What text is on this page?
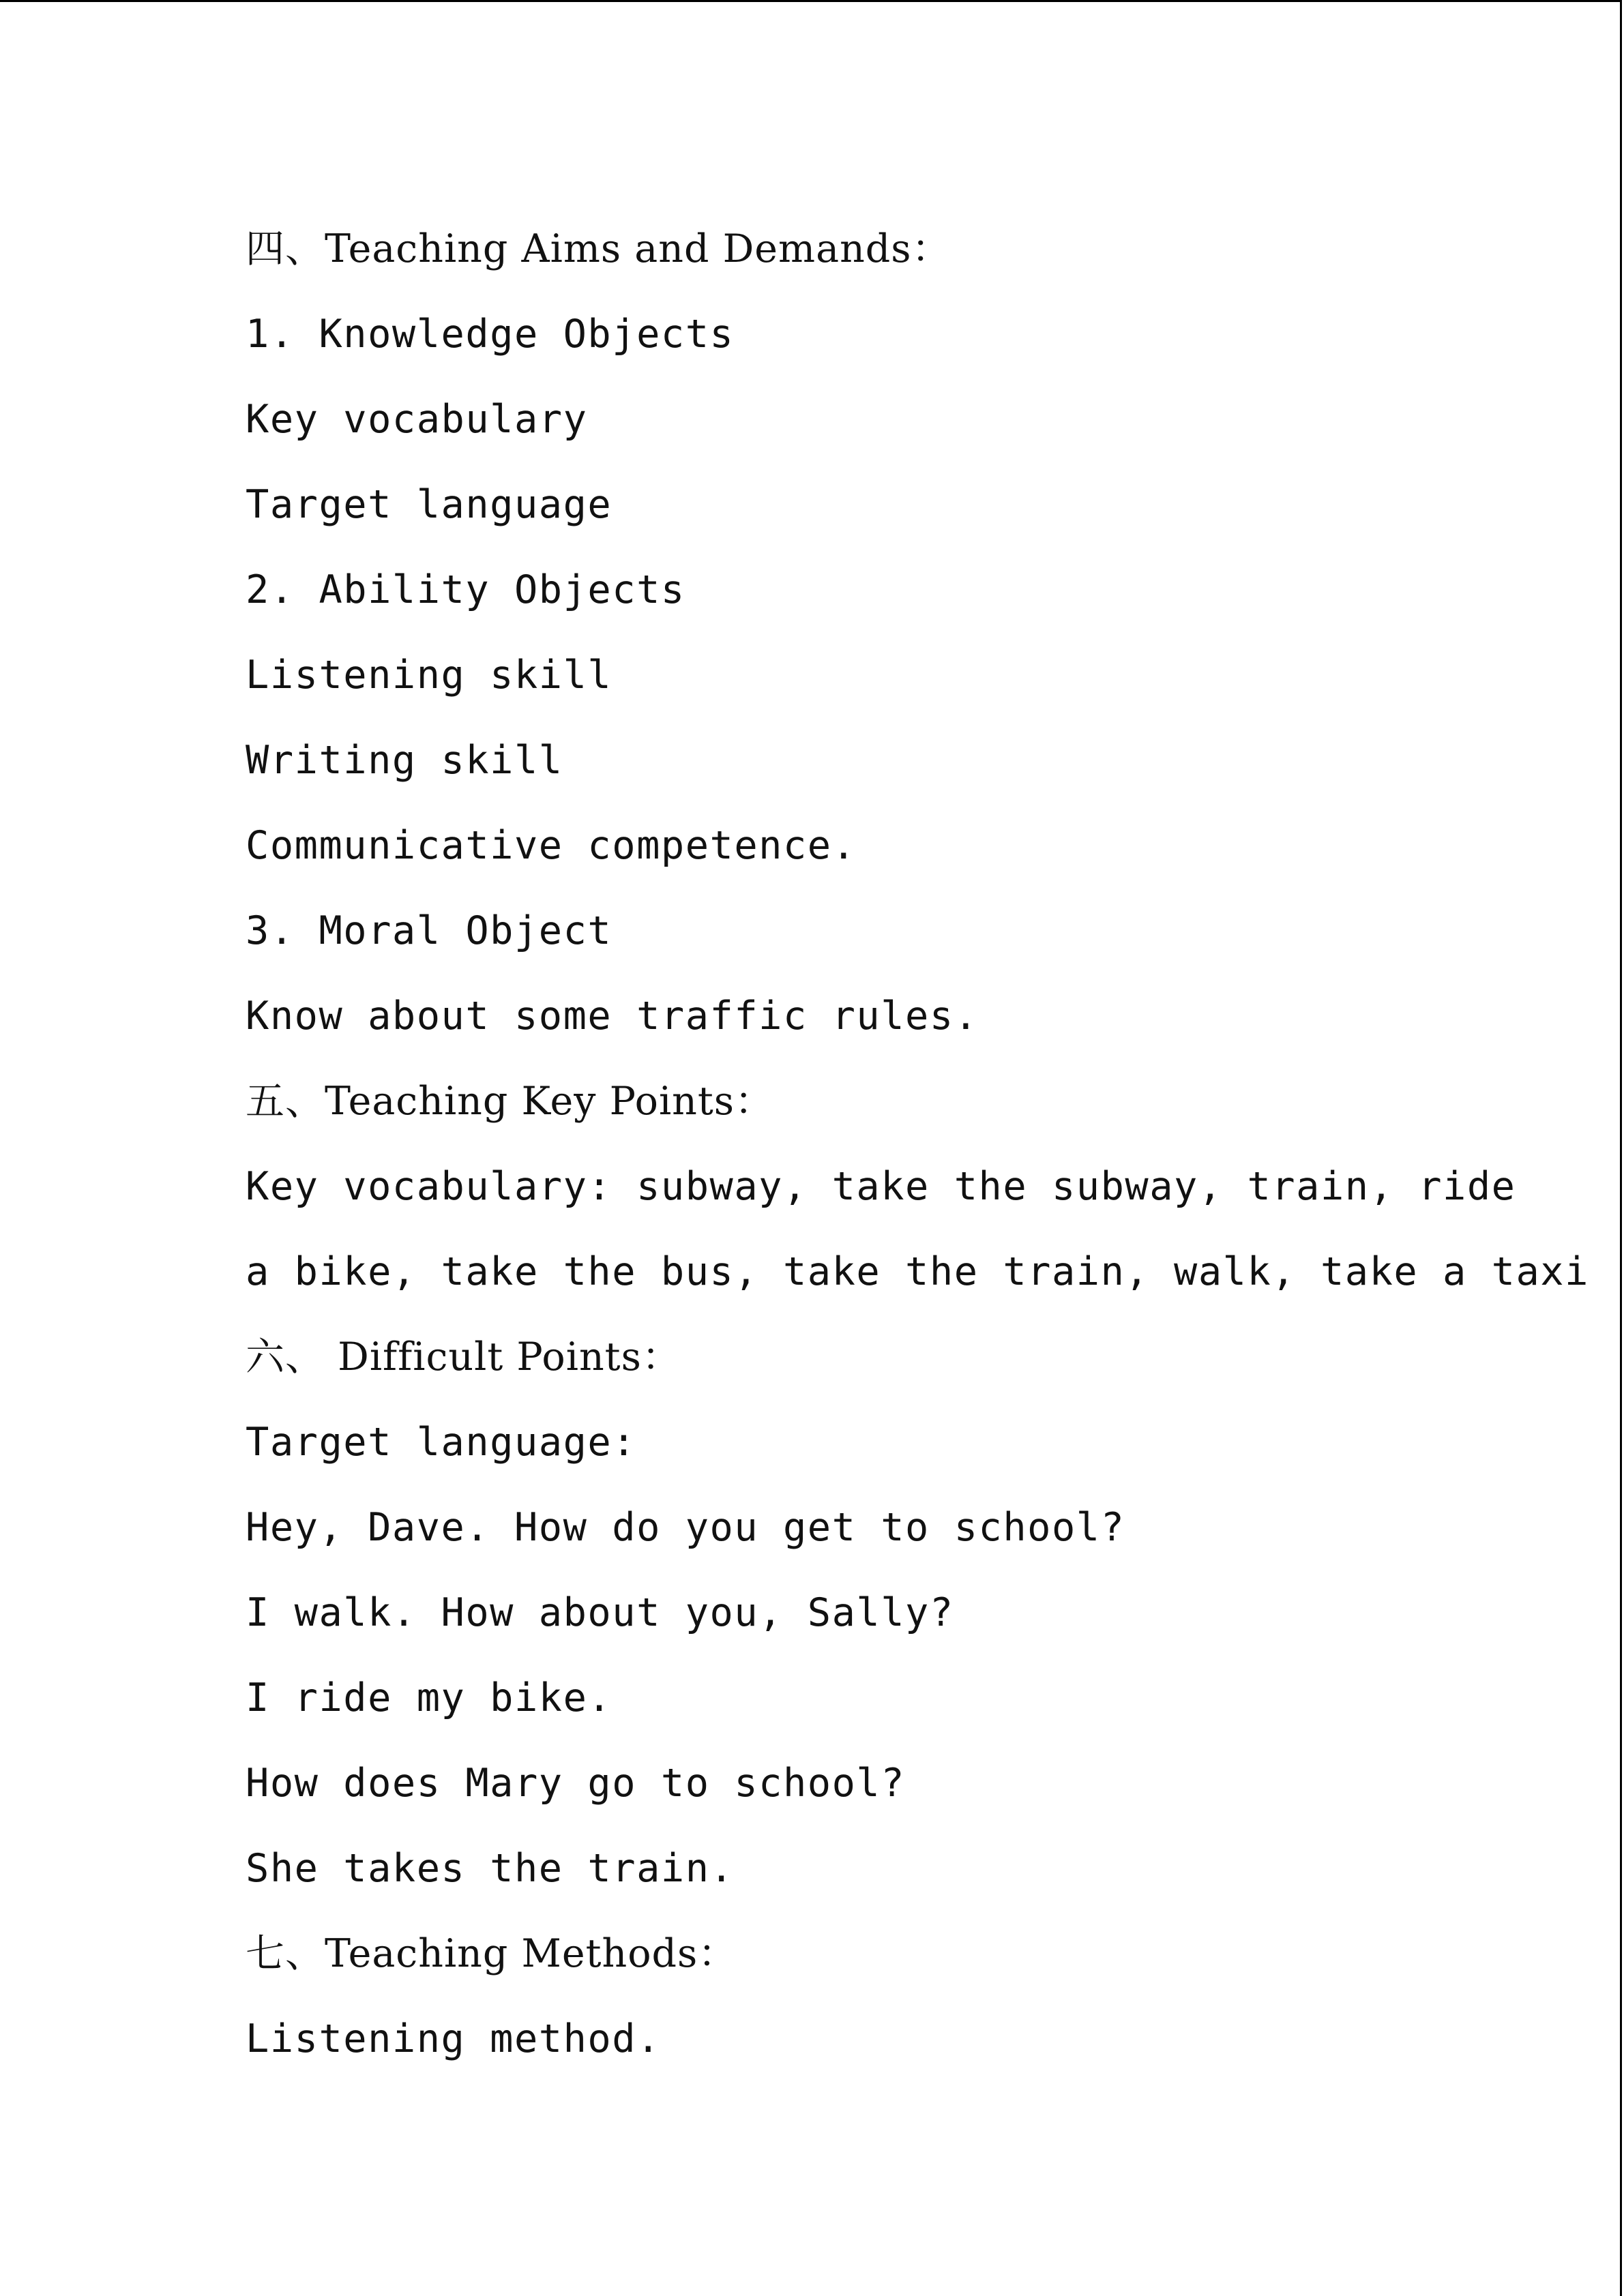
四、Teaching Aims and Demands：
1. Knowledge Objects
Key vocabulary
Target language
2. Ability Objects
Listening skill
Writing skill
Communicative competence.
3. Moral Object
Know about some traffic rules.
五、Teaching Key Points：
Key vocabulary: subway, take the subway, train, ride
a bike, take the bus, take the train, walk, take a taxi
六、 Difficult Points：
Target language:
Hey, Dave. How do you get to school?
I walk. How about you, Sally?
I ride my bike.
How does Mary go to school?
She takes the train.
七、Teaching Methods：
Listening method.
